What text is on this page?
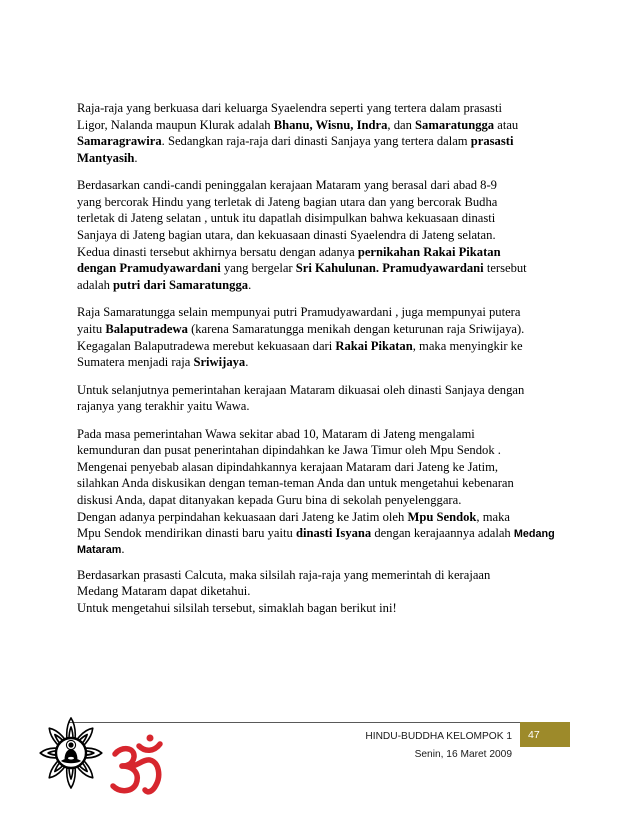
Raja-raja yang berkuasa dari keluarga Syaelendra seperti yang tertera dalam prasasti
Ligor, Nalanda maupun Klurak adalah Bhanu, Wisnu, Indra, dan Samaratungga atau
Samaragrawira. Sedangkan raja-raja dari dinasti Sanjaya yang tertera dalam prasasti
Mantyasih.
Berdasarkan candi-candi peninggalan kerajaan Mataram yang berasal dari abad 8-9
yang bercorak Hindu yang terletak di Jateng bagian utara dan yang bercorak Budha
terletak di Jateng selatan , untuk itu dapatlah disimpulkan bahwa kekuasaan dinasti
Sanjaya di Jateng bagian utara, dan kekuasaan dinasti Syaelendra di Jateng selatan.
Kedua dinasti tersebut akhirnya bersatu dengan adanya pernikahan Rakai Pikatan
dengan Pramudyawardani yang bergelar Sri Kahulunan. Pramudyawardani tersebut
adalah putri dari Samaratungga.
Raja Samaratungga selain mempunyai putri Pramudyawardani , juga mempunyai putera
yaitu Balaputradewa (karena Samaratungga menikah dengan keturunan raja Sriwijaya).
Kegagalan Balaputradewa merebut kekuasaan dari Rakai Pikatan, maka menyingkir ke
Sumatera menjadi raja Sriwijaya.
Untuk selanjutnya pemerintahan kerajaan Mataram dikuasai oleh dinasti Sanjaya dengan
rajanya yang terakhir yaitu Wawa.
Pada masa pemerintahan Wawa sekitar abad 10, Mataram di Jateng mengalami
kemunduran dan pusat penerintahan dipindahkan ke Jawa Timur oleh Mpu Sendok .
Mengenai penyebab alasan dipindahkannya kerajaan Mataram dari Jateng ke Jatim,
silahkan Anda diskusikan dengan teman-teman Anda dan untuk mengetahui kebenaran
diskusi Anda, dapat ditanyakan kepada Guru bina di sekolah penyelenggara.
Dengan adanya perpindahan kekuasaan dari Jateng ke Jatim oleh Mpu Sendok, maka
Mpu Sendok mendirikan dinasti baru yaitu dinasti Isyana dengan kerajaannya adalah Medang
Mataram.
Berdasarkan prasasti Calcuta, maka silsilah raja-raja yang memerintah di kerajaan
Medang Mataram dapat diketahui.
Untuk mengetahui silsilah tersebut, simaklah bagan berikut ini!
47
HINDU-BUDDHA KELOMPOK 1
Senin, 16 Maret 2009
